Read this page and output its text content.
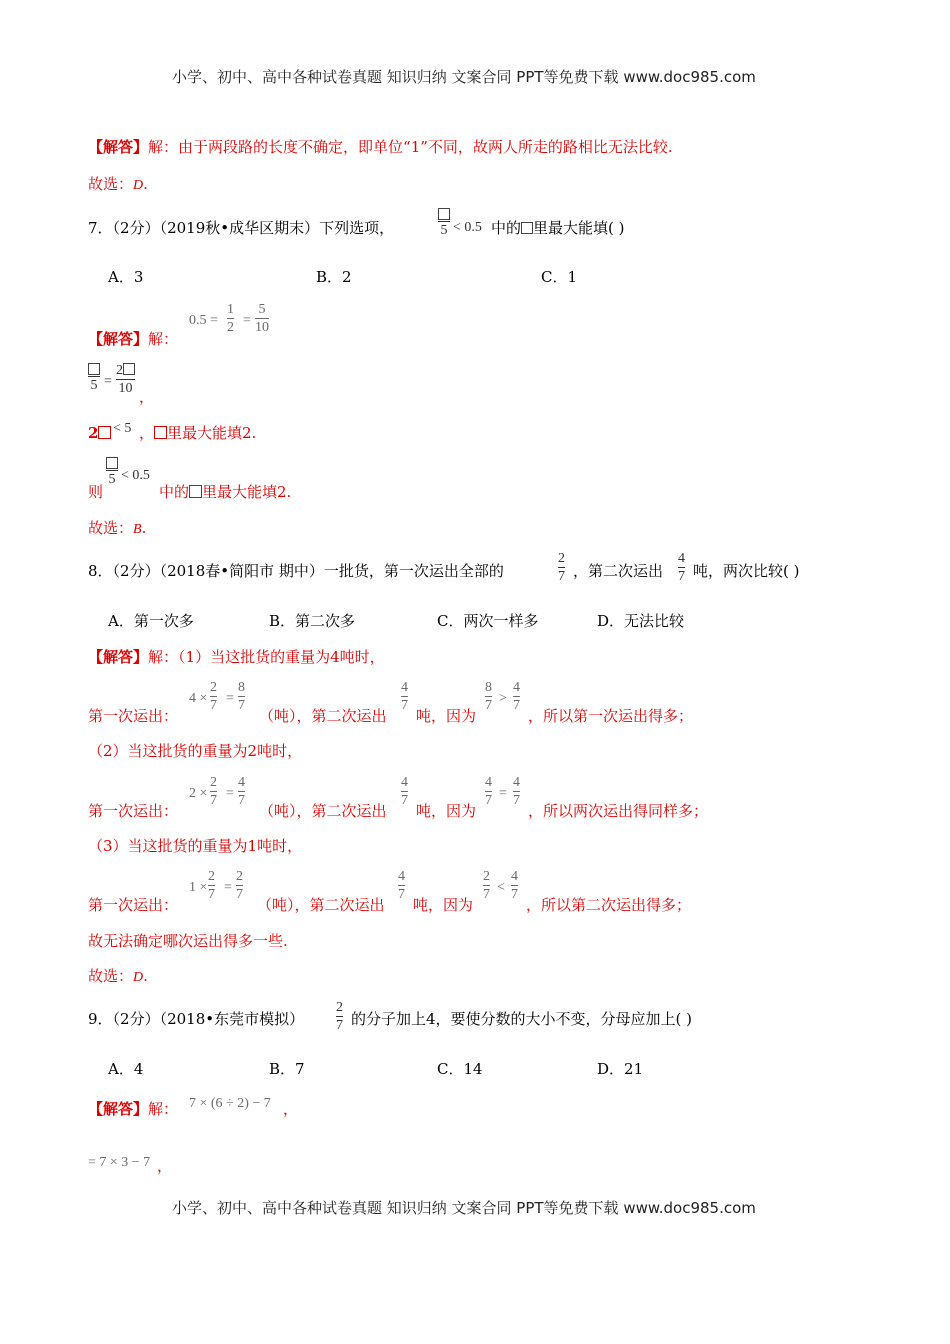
小学、初中、高中各种试卷真题 知识归纳 文案合同 PPT等免费下载 www.doc985.com
【解答】解：由于两段路的长度不确定，即单位“1”不同，故两人所走的路相比无法比较.
故选：D.
7．（2分）（2019秋•成华区期末）下列选项，	5 < 0.5 中的 里最大能填( )
A．3	B．2	C．1
【解答】解：
0.5 =
1
2 =
5
10
5 =
2
10 ，
2	< 5 ， 里最大能填2.
5 < 0.5
则	中的 里最大能填2.
故选：B.
8．（2分）（2018春•简阳市 期中）一批货，第一次运出全部的
2
7 ，第二次运出
4
7 吨，两次比较( )
A．第一次多	B．第二次多	C．两次一样多	D．无法比较
【解答】解：（1）当这批货的重量为4吨时，
第一次运出：
4 ×
2
7 =
8
7
（吨），第二次运出
4
7
吨，因为
8
7 >
4
7
，所以第一次运出得多；
（2）当这批货的重量为2吨时，
第一次运出：
2 ×
2
7 =
4
7
（吨），第二次运出
4
7
吨，因为
4
7 =
4
7
，所以两次运出得同样多；
（3）当这批货的重量为1吨时，
第一次运出：
1 ×
2
7 =
2
7
（吨），第二次运出
4
7
吨，因为
2
7 <
4
7
，所以第二次运出得多；
故无法确定哪次运出得多一些.
故选：D.
9．（2分）（2018•东莞市模拟）
2
7 的分子加上4，要使分数的大小不变，分母应加上( )
A．4	B．7	C．14	D．21
【解答】解： 7 × (6 ÷ 2) − 7 ，
= 7 × 3 − 7 ，
小学、初中、高中各种试卷真题 知识归纳 文案合同 PPT等免费下载 www.doc985.com
